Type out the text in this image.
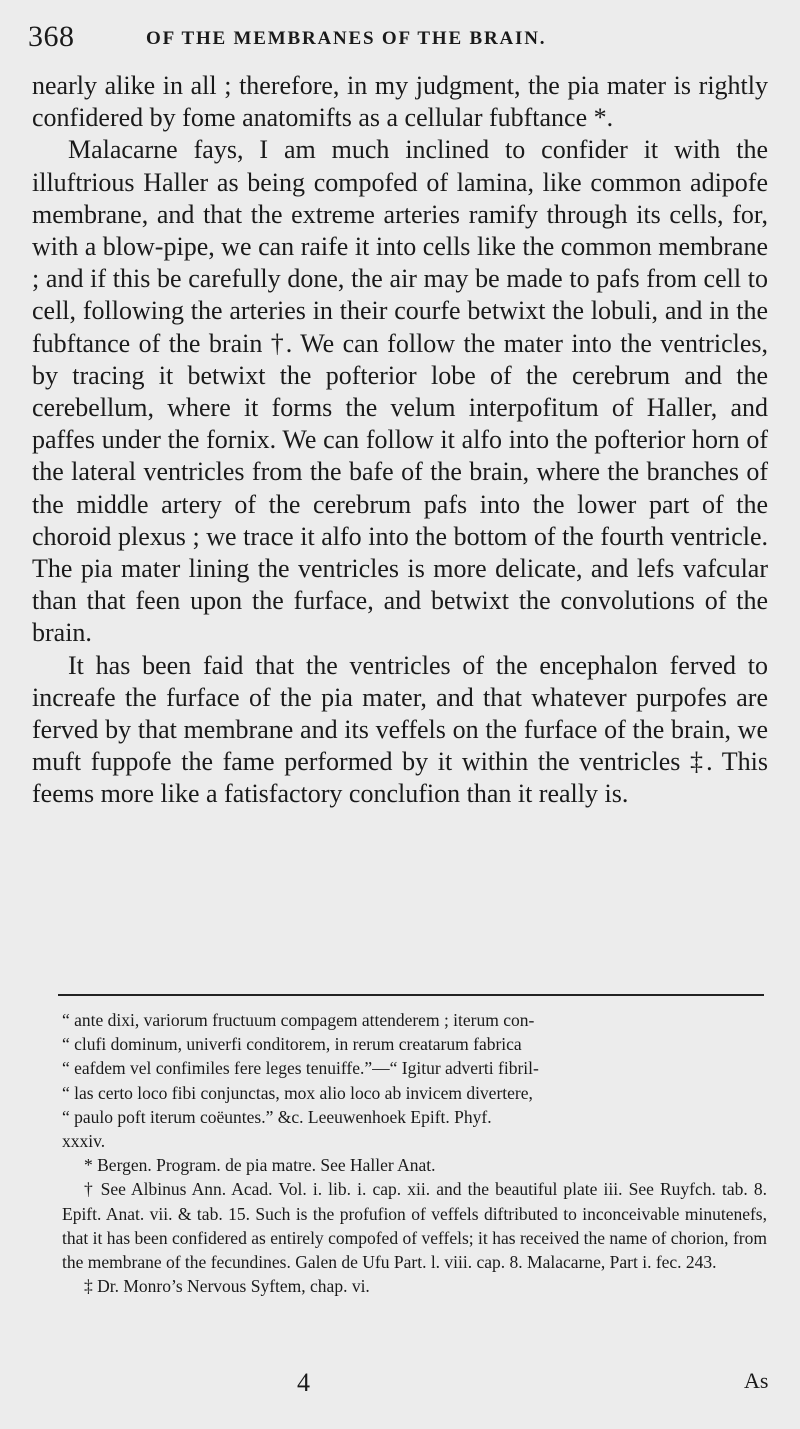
368	OF THE MEMBRANES OF THE BRAIN.

nearly alike in all ; therefore, in my judgment, the pia mater is rightly confidered by fome anatomifts as a cellular fubftance *.

Malacarne fays, I am much inclined to confider it with the illuftrious Haller as being compofed of lamina, like common adipofe membrane, and that the extreme arteries ramify through its cells, for, with a blow-pipe, we can raife it into cells like the common membrane ; and if this be carefully done, the air may be made to pafs from cell to cell, following the arteries in their courfe betwixt the lobuli, and in the fubftance of the brain †. We can follow the mater into the ventricles, by tracing it betwixt the pofterior lobe of the cerebrum and the cerebellum, where it forms the velum interpofitum of Haller, and paffes under the fornix. We can follow it alfo into the pofterior horn of the lateral ventricles from the bafe of the brain, where the branches of the middle artery of the cerebrum pafs into the lower part of the choroid plexus ; we trace it alfo into the bottom of the fourth ventricle. The pia mater lining the ventricles is more delicate, and lefs vafcular than that feen upon the furface, and betwixt the convolutions of the brain.

It has been faid that the ventricles of the encephalon ferved to increafe the furface of the pia mater, and that whatever purpofes are ferved by that membrane and its veffels on the furface of the brain, we muft fuppofe the fame performed by it within the ventricles ‡. This feems more like a fatisfactory conclufion than it really is.

“ ante dixi, variorum fructuum compagem attenderem ; iterum con-
“ clufi dominum, univerfi conditorem, in rerum creatarum fabrica
“ eafdem vel confimiles fere leges tenuiffe.”—“ Igitur adverti fibril-
“ las certo loco fibi conjunctas, mox alio loco ab invicem divertere,
“ paulo poft iterum coëuntes.” &c. Leeuwenhoek Epift. Phyf.
xxxiv.

* Bergen. Program. de pia matre. See Haller Anat.

† See Albinus Ann. Acad. Vol. i. lib. i. cap. xii. and the beautiful plate iii. See Ruyfch. tab. 8. Epift. Anat. vii. & tab. 15. Such is the profufion of veffels diftributed to inconceivable minutenefs, that it has been confidered as entirely compofed of veffels; it has received the name of chorion, from the membrane of the fecundines. Galen de Ufu Part. l. viii. cap. 8. Malacarne, Part i. fec. 243.

‡ Dr. Monro’s Nervous Syftem, chap. vi.

4	As
